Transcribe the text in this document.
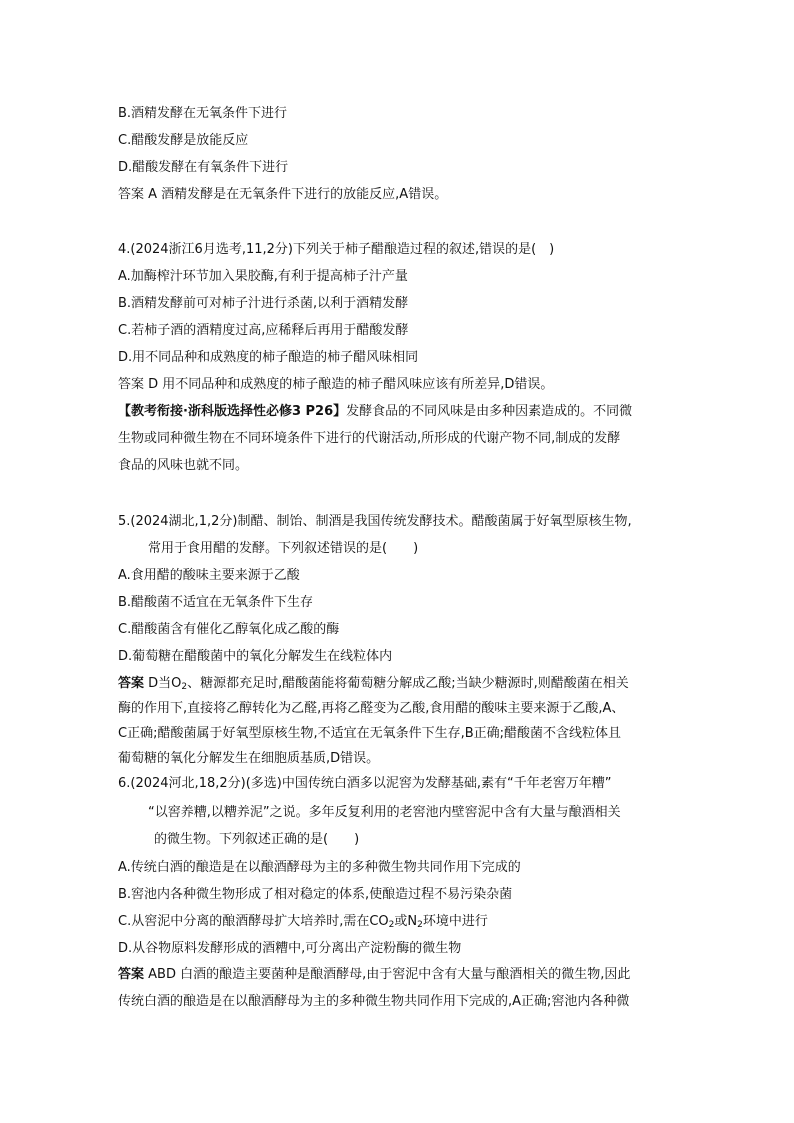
B.酒精发酵在无氧条件下进行
C.醋酸发酵是放能反应
D.醋酸发酵在有氧条件下进行
答案 A 酒精发酵是在无氧条件下进行的放能反应,A错误。
4.(2024浙江6月选考,11,2分)下列关于柿子醋酿造过程的叙述,错误的是(　)
A.加酶榨汁环节加入果胶酶,有利于提高柿子汁产量
B.酒精发酵前可对柿子汁进行杀菌,以利于酒精发酵
C.若柿子酒的酒精度过高,应稀释后再用于醋酸发酵
D.用不同品种和成熟度的柿子酿造的柿子醋风味相同
答案 D 用不同品种和成熟度的柿子酿造的柿子醋风味应该有所差异,D错误。
【教考衔接·浙科版选择性必修3 P26】发酵食品的不同风味是由多种因素造成的。不同微
生物或同种微生物在不同环境条件下进行的代谢活动,所形成的代谢产物不同,制成的发酵
食品的风味也就不同。
5.(2024湖北,1,2分)制醋、制饴、制酒是我国传统发酵技术。醋酸菌属于好氧型原核生物,
常用于食用醋的发酵。下列叙述错误的是(　　)
A.食用醋的酸味主要来源于乙酸
B.醋酸菌不适宜在无氧条件下生存
C.醋酸菌含有催化乙醇氧化成乙酸的酶
D.葡萄糖在醋酸菌中的氧化分解发生在线粒体内
答案 D当$O_2$、糖源都充足时,醋酸菌能将葡萄糖分解成乙酸;当缺少糖源时,则醋酸菌在相关
酶的作用下,直接将乙醇转化为乙醛,再将乙醛变为乙酸,食用醋的酸味主要来源于乙酸,A、
C正确;醋酸菌属于好氧型原核生物,不适宜在无氧条件下生存,B正确;醋酸菌不含线粒体且
葡萄糖的氧化分解发生在细胞质基质,D错误。
6.(2024河北,18,2分)(多选)中国传统白酒多以泥窖为发酵基础,素有“千年老窖万年糟”
“以窖养糟,以糟养泥”之说。多年反复利用的老窖池内壁窖泥中含有大量与酿酒相关
的微生物。下列叙述正确的是(　　)
A.传统白酒的酿造是在以酿酒酵母为主的多种微生物共同作用下完成的
B.窖池内各种微生物形成了相对稳定的体系,使酿造过程不易污染杂菌
C.从窖泥中分离的酿酒酵母扩大培养时,需在$CO_2$或$N_2$环境中进行
D.从谷物原料发酵形成的酒糟中,可分离出产淀粉酶的微生物
答案 ABD 白酒的酿造主要菌种是酿酒酵母,由于窖泥中含有大量与酿酒相关的微生物,因此
传统白酒的酿造是在以酿酒酵母为主的多种微生物共同作用下完成的,A正确;窖池内各种微
